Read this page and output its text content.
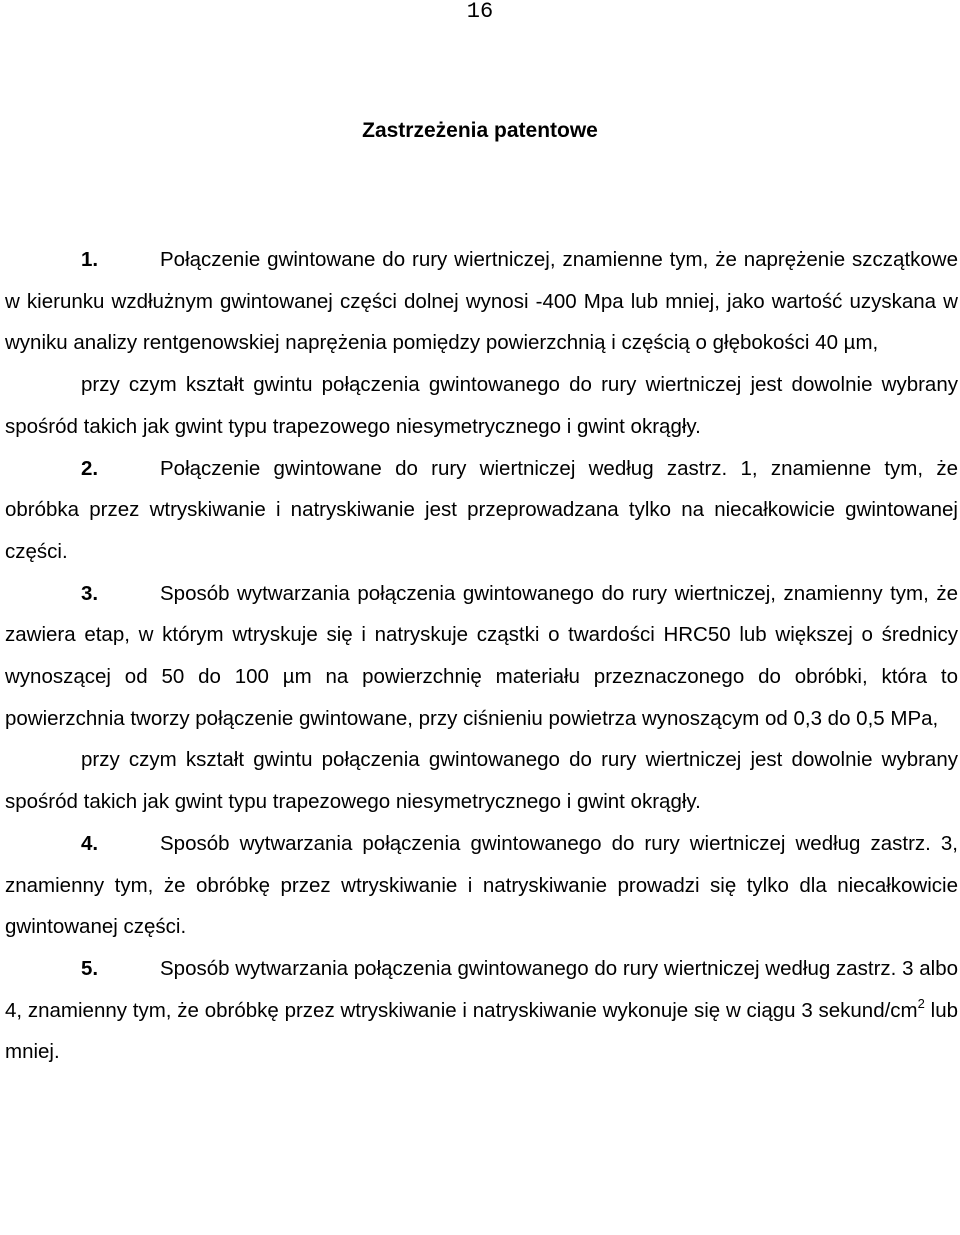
16
Zastrzeżenia patentowe

1.	Połączenie gwintowane do rury wiertniczej, znamienne tym, że naprężenie szczątkowe w kierunku wzdłużnym gwintowanej części dolnej wynosi -400 Mpa lub mniej, jako wartość uzyskana w wyniku analizy rentgenowskiej naprężenia pomiędzy powierzchnią i częścią o głębokości 40 µm,

przy czym kształt gwintu połączenia gwintowanego do rury wiertniczej jest dowolnie wybrany spośród takich jak gwint typu trapezowego niesymetrycznego i gwint okrągły.

2.	Połączenie gwintowane do rury wiertniczej według zastrz. 1, znamienne tym, że obróbka przez wtryskiwanie i natryskiwanie jest przeprowadzana tylko na niecałkowicie gwintowanej części.

3.	Sposób wytwarzania połączenia gwintowanego do rury wiertniczej, znamienny tym, że zawiera etap, w którym wtryskuje się i natryskuje cząstki o twardości HRC50 lub większej o średnicy wynoszącej od 50 do 100 µm na powierzchnię materiału przeznaczonego do obróbki, która to powierzchnia tworzy połączenie gwintowane, przy ciśnieniu powietrza wynoszącym od 0,3 do 0,5 MPa,

przy czym kształt gwintu połączenia gwintowanego do rury wiertniczej jest dowolnie wybrany spośród takich jak gwint typu trapezowego niesymetrycznego i gwint okrągły.

4.	Sposób wytwarzania połączenia gwintowanego do rury wiertniczej według zastrz. 3, znamienny tym, że obróbkę przez wtryskiwanie i natryskiwanie prowadzi się tylko dla niecałkowicie gwintowanej części.

5.	Sposób wytwarzania połączenia gwintowanego do rury wiertniczej według zastrz. 3 albo 4, znamienny tym, że obróbkę przez wtryskiwanie i natryskiwanie wykonuje się w ciągu 3 sekund/$cm^2$ lub mniej.
